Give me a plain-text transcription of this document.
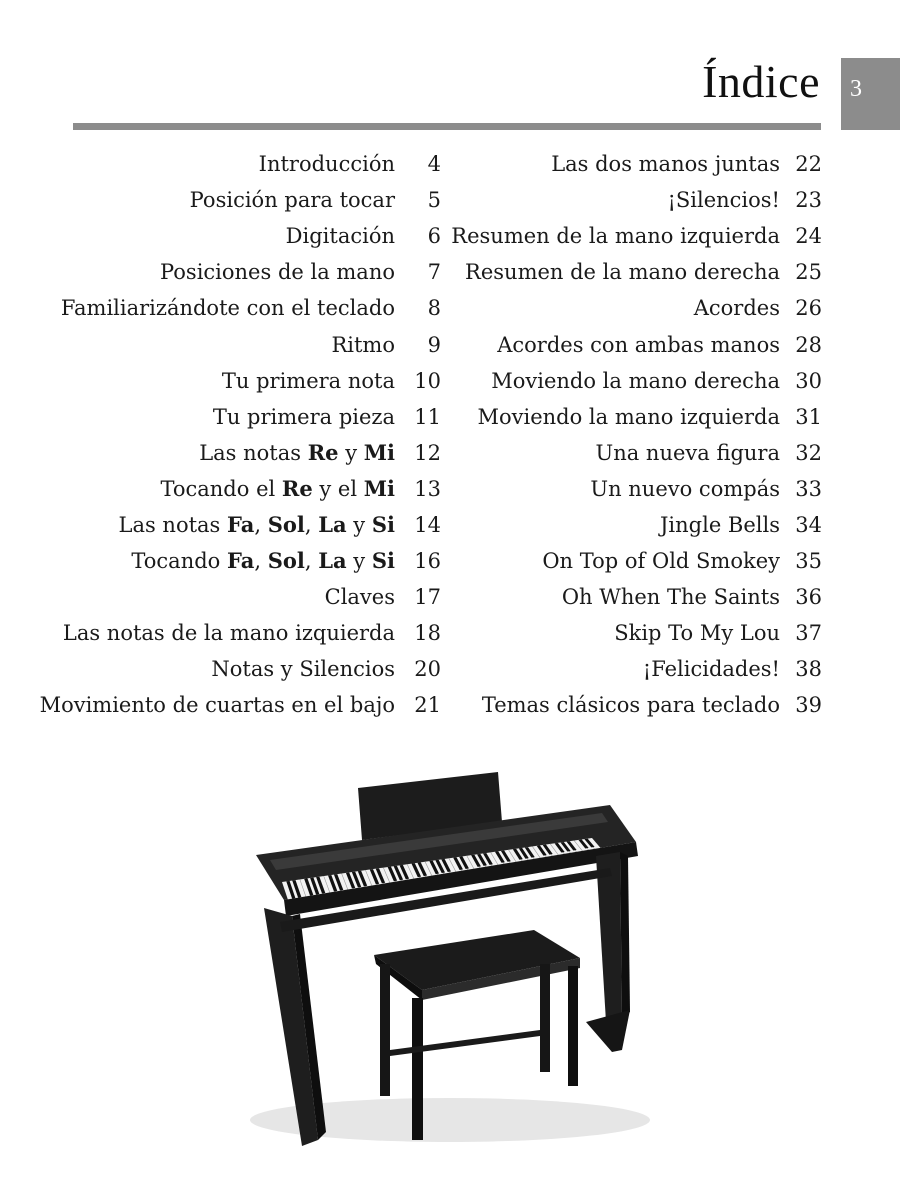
Índice	3
Introducción	4
Posición para tocar	5
Digitación	6
Posiciones de la mano	7
Familiarizándote con el teclado	8
Ritmo	9
Tu primera nota 10
Tu primera pieza 11
Las notas Re y Mi 12
Tocando el Re y el Mi 13
Las notas Fa, Sol, La y Si 14
Tocando Fa, Sol, La y Si 16
Claves 17
Las notas de la mano izquierda 18
Notas y Silencios 20
Movimiento de cuartas en el bajo 21
Las dos manos juntas 22
¡Silencios! 23
Resumen de la mano izquierda 24
Resumen de la mano derecha 25
Acordes 26
Acordes con ambas manos 28
Moviendo la mano derecha 30
Moviendo la mano izquierda 31
Una nueva figura 32
Un nuevo compás 33
Jingle Bells 34
On Top of Old Smokey 35
Oh When The Saints 36
Skip To My Lou 37
¡Felicidades! 38
Temas clásicos para teclado 39
